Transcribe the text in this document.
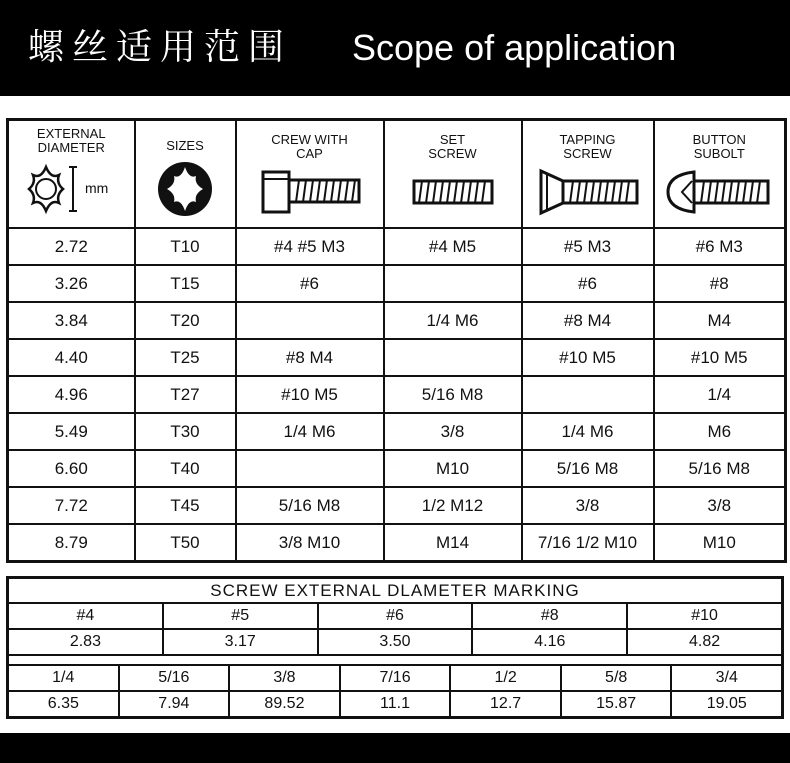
螺丝适用范围 Scope of application
EXTERNAL DIAMETER
mm	SIZES	CREW WITH CAP	SET SCREW	TAPPING SCREW	BUTTON SUBOLT

2.72	T10	#4 #5 M3	#4 M5	#5 M3	#6 M3
3.26	T15	#6		#6	#8
3.84	T20		1/4 M6	#8 M4	M4
4.40	T25	#8 M4		#10 M5	#10 M5
4.96	T27	#10 M5	5/16 M8		1/4
5.49	T30	1/4 M6	3/8	1/4 M6	M6
6.60	T40		M10	5/16 M8	5/16 M8
7.72	T45	5/16 M8	1/2 M12	3/8	3/8
8.79	T50	3/8 M10	M14	7/16 1/2 M10	M10
SCREW EXTERNAL DLAMETER MARKING
#4	#5	#6	#8	#10
2.83	3.17	3.50	4.16	4.82
1/4	5/16	3/8	7/16	1/2	5/8	3/4
6.35	7.94	89.52	11.1	12.7	15.87	19.05
